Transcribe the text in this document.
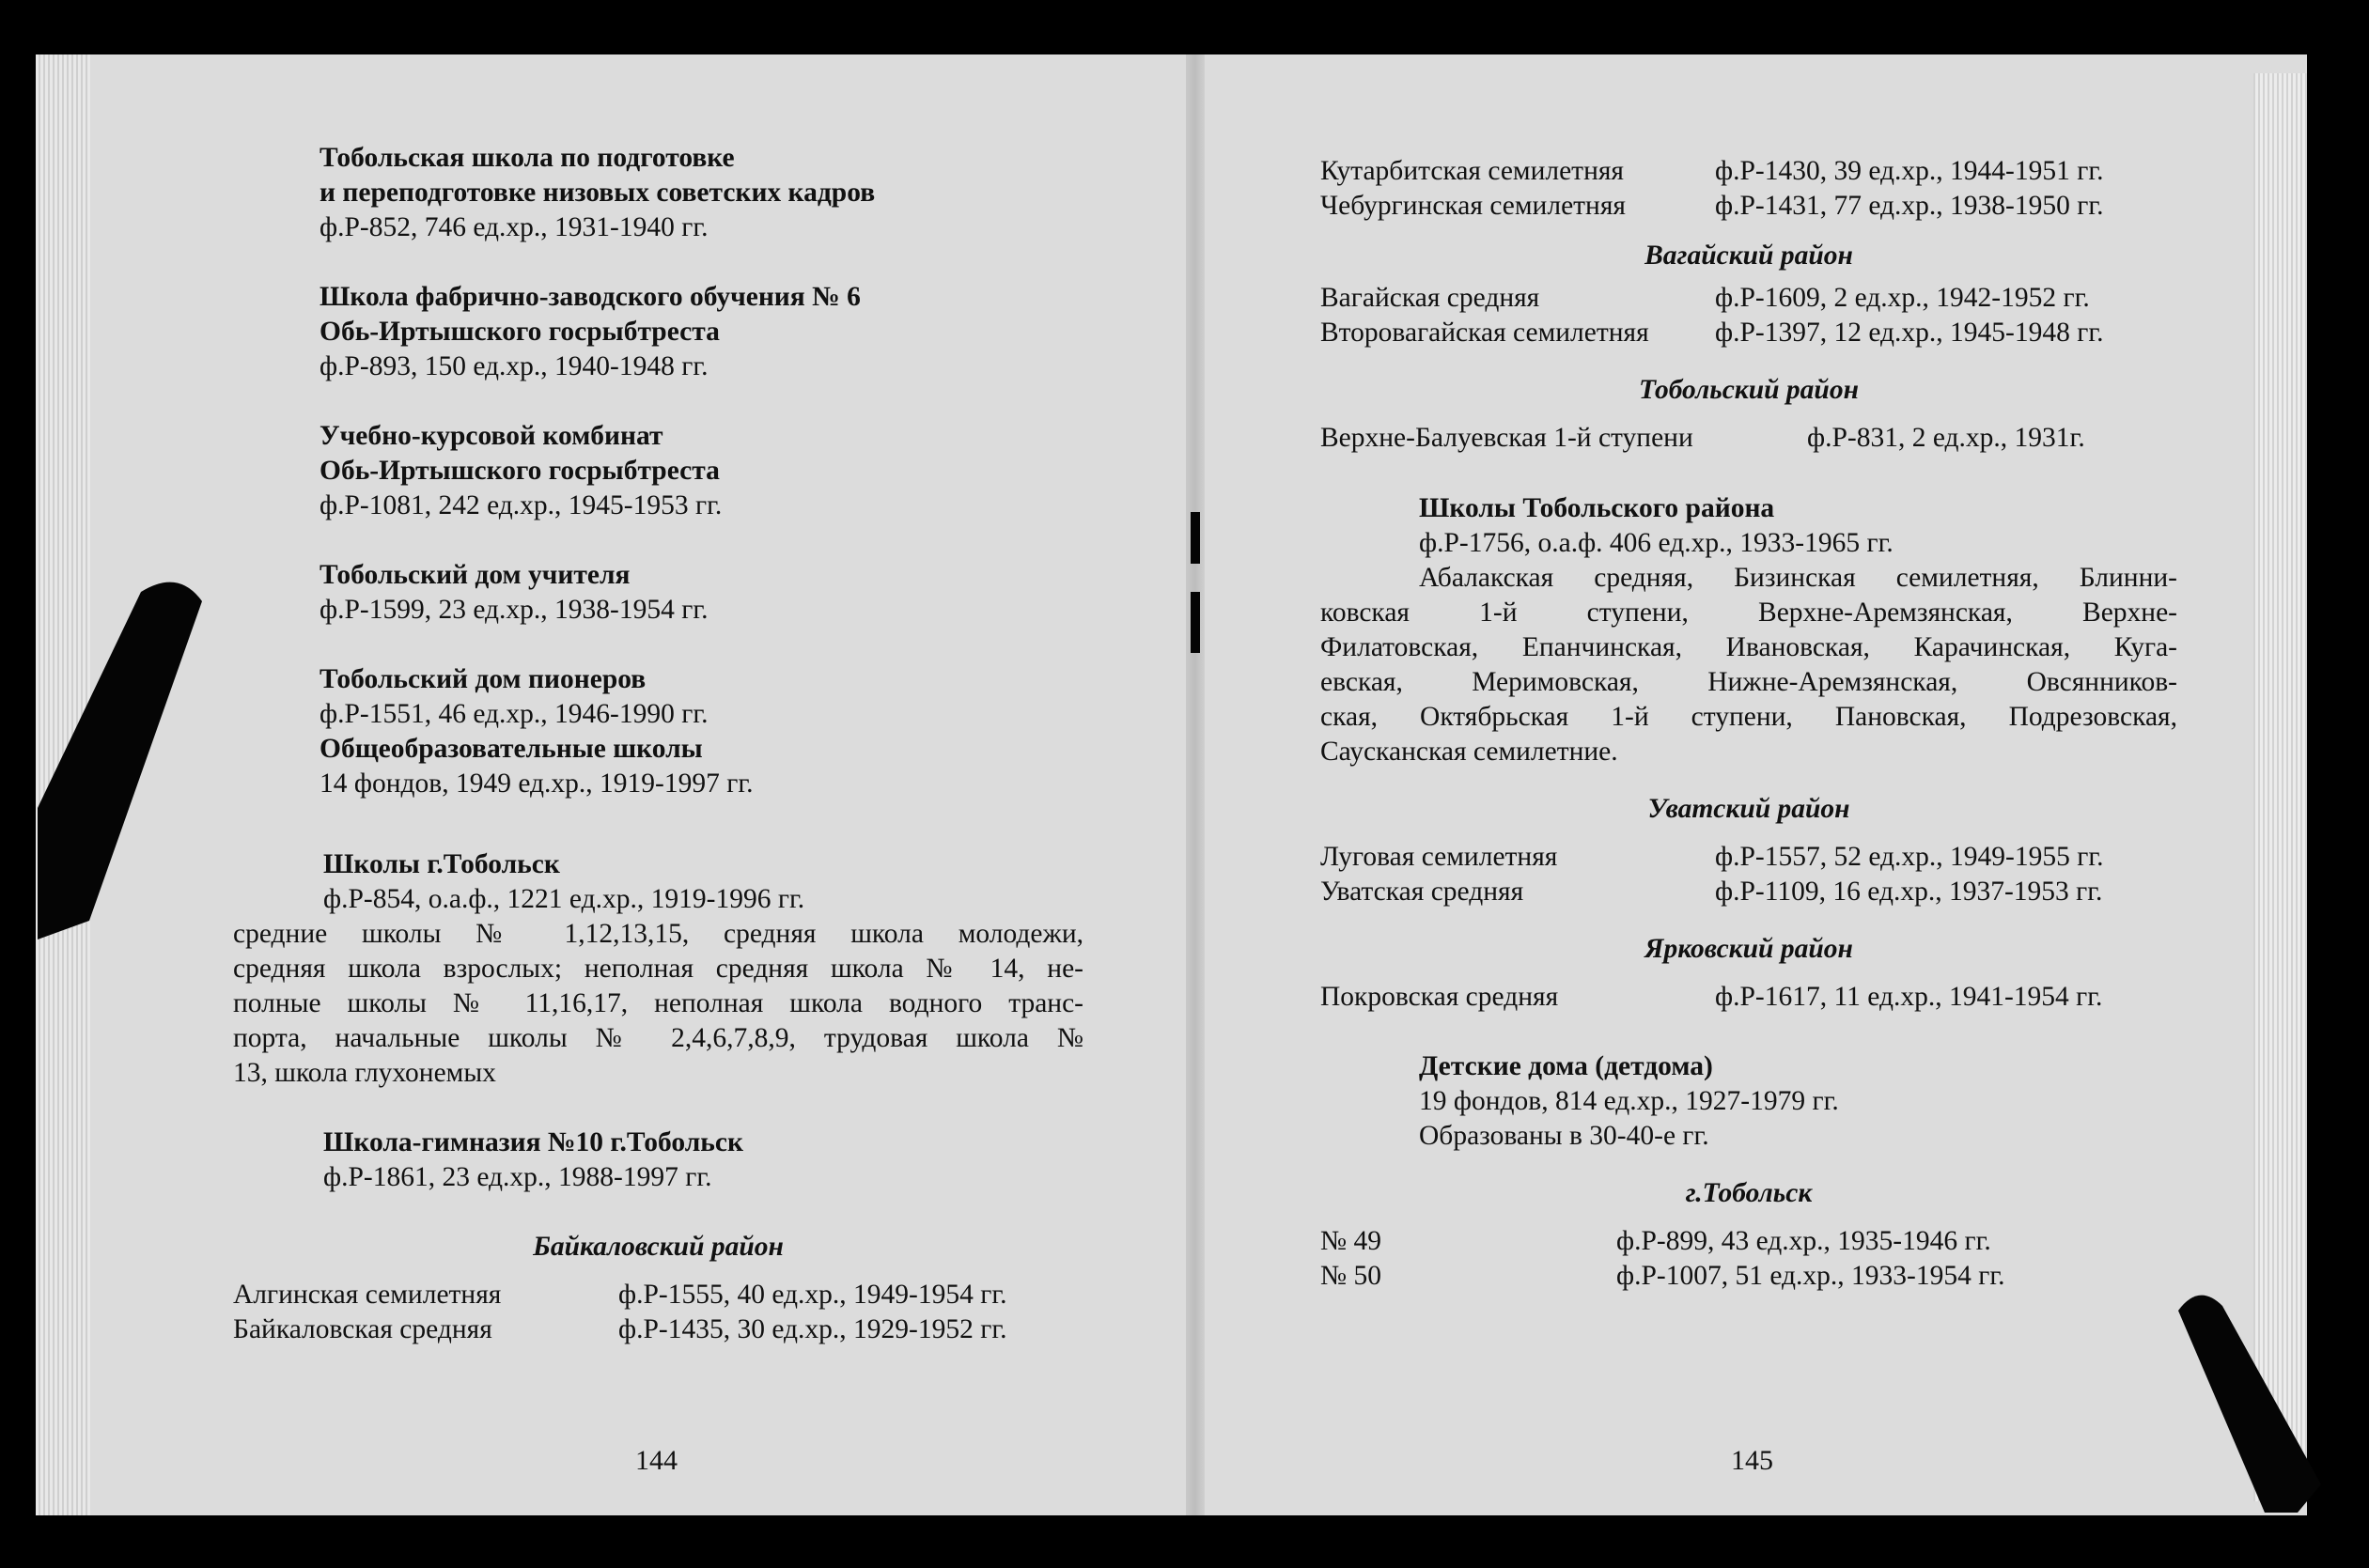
Тобольская школа по подготовке
и переподготовке низовых советских кадров
ф.Р-852, 746 ед.хр., 1931-1940 гг.
Школа фабрично-заводского обучения № 6
Обь-Иртышского госрыбтреста
ф.Р-893, 150 ед.хр., 1940-1948 гг.
Учебно-курсовой комбинат
Обь-Иртышского госрыбтреста
ф.Р-1081, 242 ед.хр., 1945-1953 гг.
Тобольский дом учителя
ф.Р-1599, 23 ед.хр., 1938-1954 гг.
Тобольский дом пионеров
ф.Р-1551, 46 ед.хр., 1946-1990 гг.
Общеобразовательные школы
14 фондов, 1949 ед.хр., 1919-1997 гг.
Школы г.Тобольск
ф.Р-854, о.а.ф., 1221 ед.хр., 1919-1996 гг.
средние школы № 1,12,13,15, средняя школа молодежи,
средняя школа взрослых; неполная средняя школа № 14, не-
полные школы № 11,16,17, неполная школа водного транс-
порта, начальные школы № 2,4,6,7,8,9, трудовая школа №
13, школа глухонемых
Школа-гимназия №10 г.Тобольск
ф.Р-1861, 23 ед.хр., 1988-1997 гг.
Байкаловский район
Алгинская семилетняя	ф.Р-1555, 40 ед.хр., 1949-1954 гг.
Байкаловская средняя	ф.Р-1435, 30 ед.хр., 1929-1952 гг.
144
Кутарбитская семилетняя	ф.Р-1430, 39 ед.хр., 1944-1951 гг.
Чебургинская семилетняя	ф.Р-1431, 77 ед.хр., 1938-1950 гг.
Вагайский район
Вагайская средняя	ф.Р-1609, 2 ед.хр., 1942-1952 гг.
Второвагайская семилетняя	ф.Р-1397, 12 ед.хр., 1945-1948 гг.
Тобольский район
Верхне-Балуевская 1-й ступени	ф.Р-831, 2 ед.хр., 1931г.
Школы Тобольского района
ф.Р-1756, о.а.ф. 406 ед.хр., 1933-1965 гг.
Абалакская средняя, Бизинская семилетняя, Блинни-
ковская 1-й ступени, Верхне-Аремзянская, Верхне-
Филатовская, Епанчинская, Ивановская, Карачинская, Куга-
евская, Меримовская, Нижне-Аремзянская, Овсянников-
ская, Октябрьская 1-й ступени, Пановская, Подрезовская,
Саусканская семилетние.
Уватский район
Луговая семилетняя	ф.Р-1557, 52 ед.хр., 1949-1955 гг.
Уватская средняя	ф.Р-1109, 16 ед.хр., 1937-1953 гг.
Ярковский район
Покровская средняя	ф.Р-1617, 11 ед.хр., 1941-1954 гг.
Детские дома (детдома)
19 фондов, 814 ед.хр., 1927-1979 гг.
Образованы в 30-40-е гг.
г.Тобольск
№ 49	ф.Р-899, 43 ед.хр., 1935-1946 гг.
№ 50	ф.Р-1007, 51 ед.хр., 1933-1954 гг.
145
